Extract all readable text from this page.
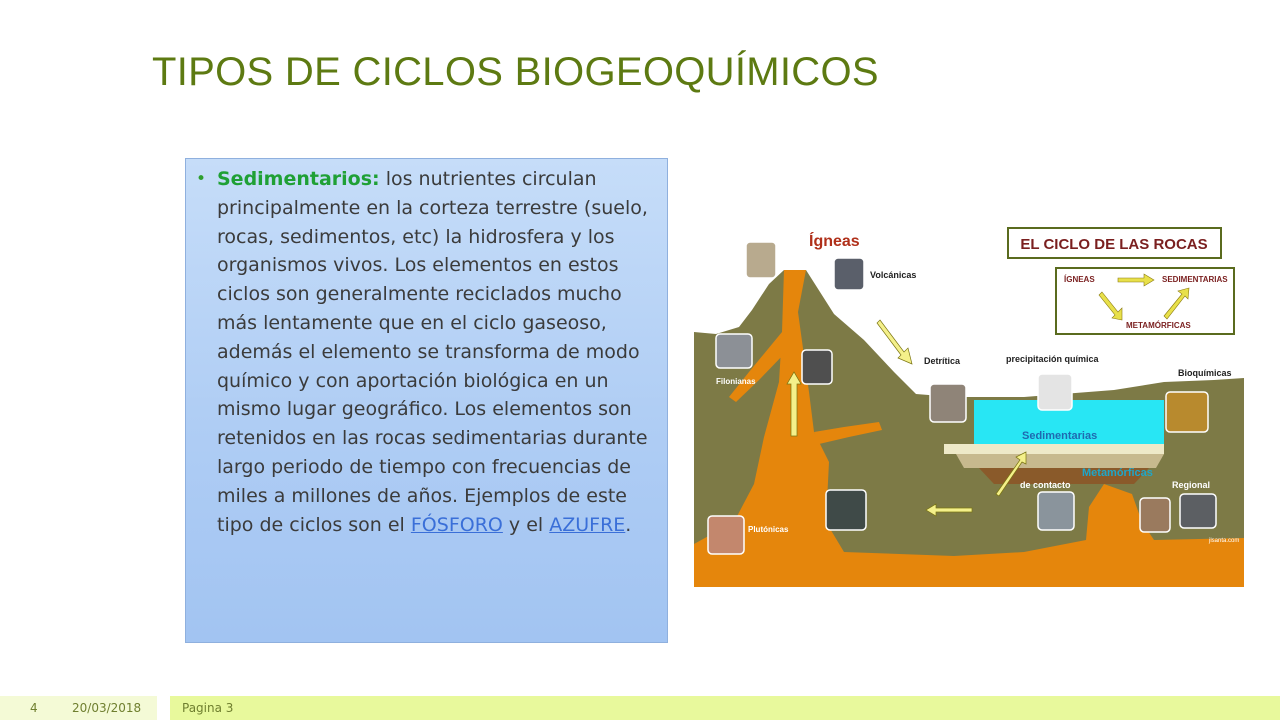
TIPOS DE CICLOS BIOGEOQUÍMICOS
• Sedimentarios: los nutrientes circulan principalmente en la corteza terrestre (suelo, rocas, sedimentos, etc) la hidrosfera y los organismos vivos. Los elementos en estos ciclos son generalmente reciclados mucho más lentamente que en el ciclo gaseoso, además el elemento se transforma de modo químico y con aportación biológica en un mismo lugar geográfico. Los elementos son retenidos en las rocas sedimentarias durante largo periodo de tiempo con frecuencias de miles a millones de años. Ejemplos de este tipo de ciclos son el FÓSFORO y el AZUFRE.

EL CICLO DE LAS ROCAS
ÍGNEAS	SEDIMENTARIAS
METAMÓRFICAS
Ígneas
Volcánicas
Detrítica	precipitación química
Bioquímicas
Filonianas
Sedimentarias
Metamórficas
de contacto	Regional
Plutónicas
jlsanta.com
4	20/03/2018	Pagina 3
